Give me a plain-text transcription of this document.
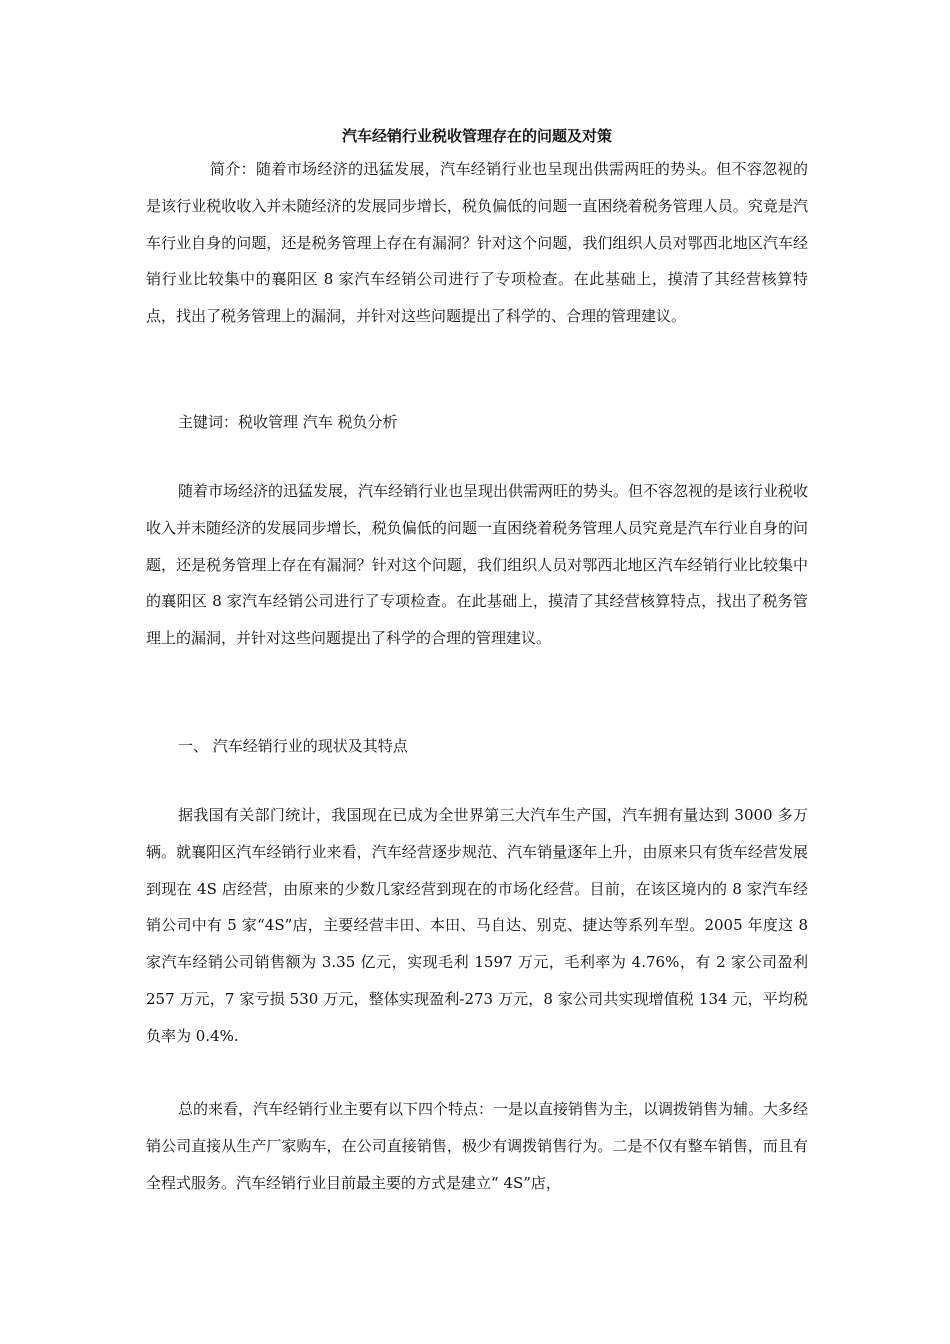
汽车经销行业税收管理存在的问题及对策

简介：随着市场经济的迅猛发展，汽车经销行业也呈现出供需两旺的势头。但不容忽视的是该行业税收收入并未随经济的发展同步增长，税负偏低的问题一直困绕着税务管理人员。究竟是汽车行业自身的问题，还是税务管理上存在有漏洞？针对这个问题，我们组织人员对鄂西北地区汽车经销行业比较集中的襄阳区 8 家汽车经销公司进行了专项检查。在此基础上，摸清了其经营核算特点，找出了税务管理上的漏洞，并针对这些问题提出了科学的、合理的管理建议。

主键词：税收管理 汽车 税负分析

随着市场经济的迅猛发展，汽车经销行业也呈现出供需两旺的势头。但不容忽视的是该行业税收收入并未随经济的发展同步增长，税负偏低的问题一直困绕着税务管理人员究竟是汽车行业自身的问题，还是税务管理上存在有漏洞？针对这个问题，我们组织人员对鄂西北地区汽车经销行业比较集中的襄阳区 8 家汽车经销公司进行了专项检查。在此基础上，摸清了其经营核算特点，找出了税务管理上的漏洞，并针对这些问题提出了科学的合理的管理建议。

一、 汽车经销行业的现状及其特点

据我国有关部门统计，我国现在已成为全世界第三大汽车生产国，汽车拥有量达到 3000 多万辆。就襄阳区汽车经销行业来看，汽车经营逐步规范、汽车销量逐年上升，由原来只有货车经营发展到现在 4S 店经营，由原来的少数几家经营到现在的市场化经营。目前，在该区境内的 8 家汽车经销公司中有 5 家“4S”店，主要经营丰田、本田、马自达、别克、捷达等系列车型。2005 年度这 8 家汽车经销公司销售额为 3.35 亿元，实现毛利 1597 万元，毛利率为 4.76%，有 2 家公司盈利 257 万元，7 家亏损 530 万元，整体实现盈利-273 万元，8 家公司共实现增值税 134 元，平均税负率为 0.4%.

总的来看，汽车经销行业主要有以下四个特点：一是以直接销售为主，以调拨销售为辅。大多经销公司直接从生产厂家购车，在公司直接销售，极少有调拨销售行为。二是不仅有整车销售，而且有全程式服务。汽车经销行业目前最主要的方式是建立“ 4S”店，
